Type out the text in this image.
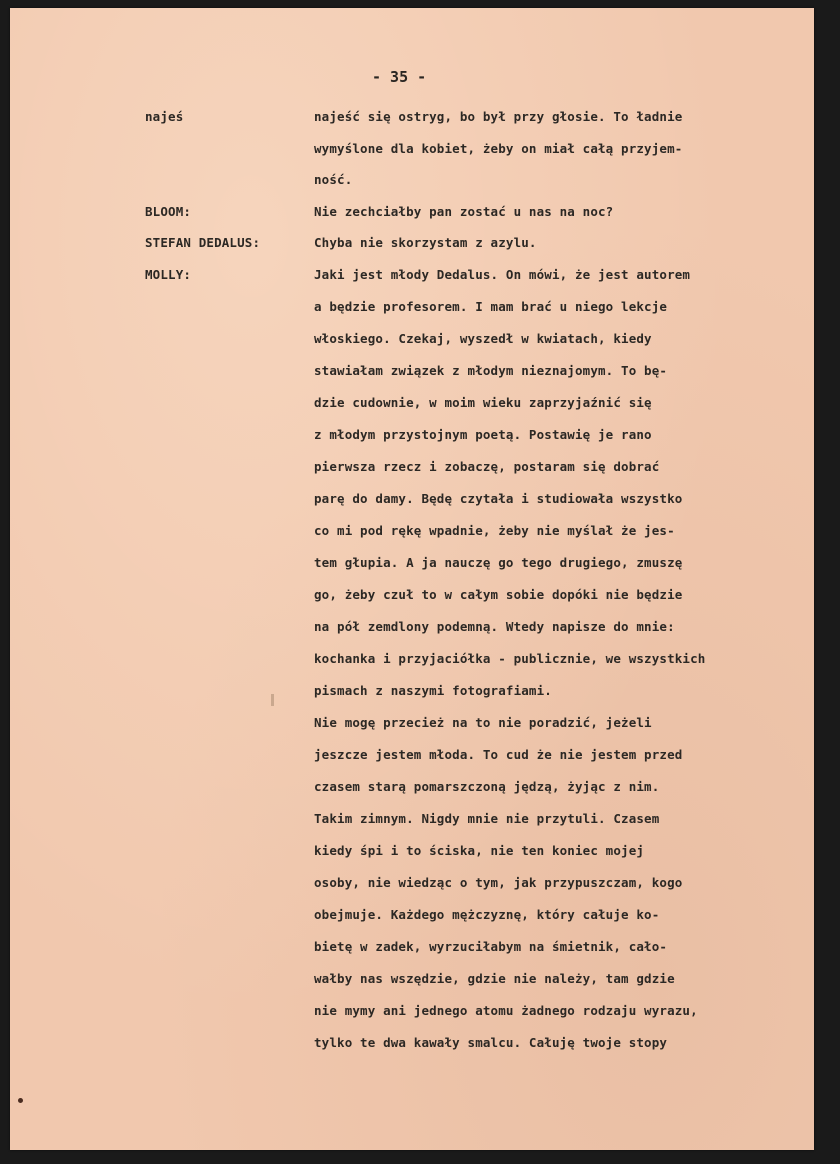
- 35 -
najeś	najeść się ostryg, bo był przy głosie. To ładnie
wymyślone dla kobiet, żeby on miał całą przyjem-
ność.
BLOOM:	Nie zechciałby pan zostać u nas na noc?
STEFAN DEDALUS:	Chyba nie skorzystam z azylu.
MOLLY:	Jaki jest młody Dedalus. On mówi, że jest autorem
a będzie profesorem. I mam brać u niego lekcje
włoskiego. Czekaj, wyszedł w kwiatach, kiedy
stawiałam związek z młodym nieznajomym. To bę-
dzie cudownie, w moim wieku zaprzyjaźnić się
z młodym przystojnym poetą. Postawię je rano
pierwsza rzecz i zobaczę, postaram się dobrać
parę do damy. Będę czytała i studiowała wszystko
co mi pod rękę wpadnie, żeby nie myślał że jes-
tem głupia. A ja nauczę go tego drugiego, zmuszę
go, żeby czuł to w całym sobie dopóki nie będzie
na pół zemdlony podemną. Wtedy napisze do mnie:
kochanka i przyjaciółka - publicznie, we wszystkich
pismach z naszymi fotografiami.
Nie mogę przecież na to nie poradzić, jeżeli
jeszcze jestem młoda. To cud że nie jestem przed
czasem starą pomarszczoną jędzą, żyjąc z nim.
Takim zimnym. Nigdy mnie nie przytuli. Czasem
kiedy śpi i to ściska, nie ten koniec mojej
osoby, nie wiedząc o tym, jak przypuszczam, kogo
obejmuje. Każdego mężczyznę, który całuje ko-
bietę w zadek, wyrzuciłabym na śmietnik, cało-
wałby nas wszędzie, gdzie nie należy, tam gdzie
nie mymy ani jednego atomu żadnego rodzaju wyrazu,
tylko te dwa kawały smalcu. Całuję twoje stopy
